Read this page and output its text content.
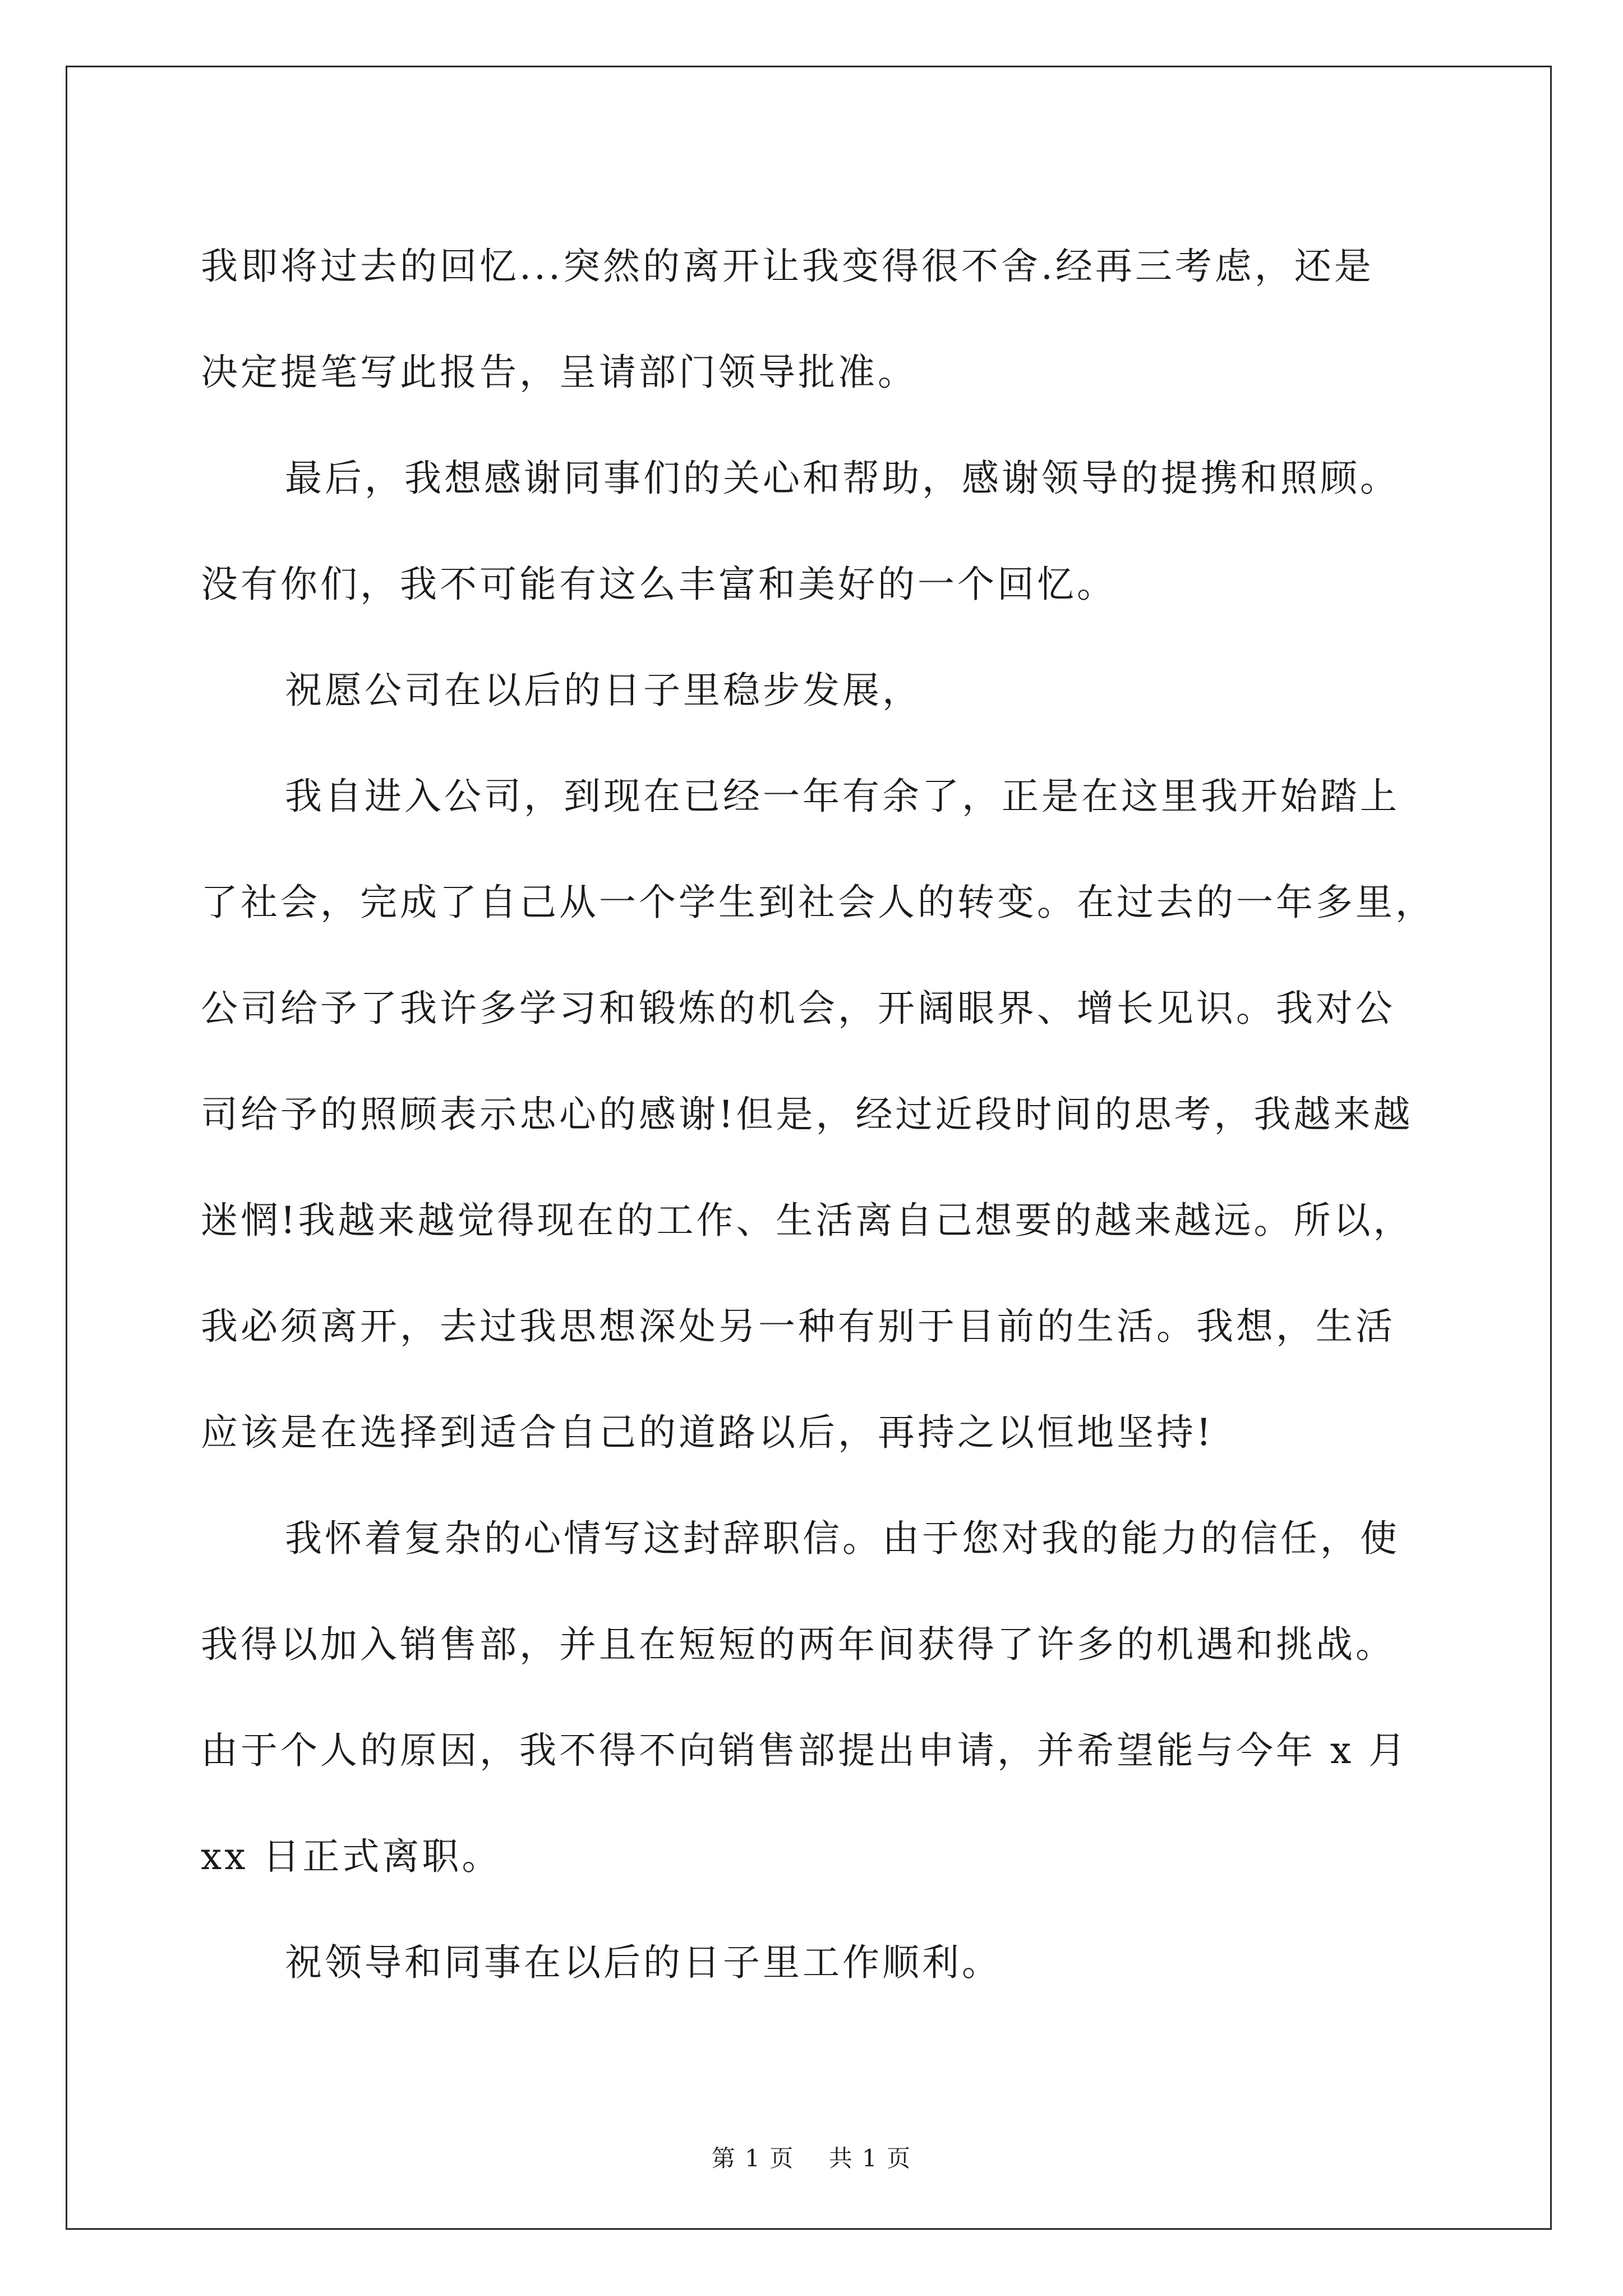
我即将过去的回忆...突然的离开让我变得很不舍.经再三考虑，还是
决定提笔写此报告，呈请部门领导批准。
最后，我想感谢同事们的关心和帮助，感谢领导的提携和照顾。
没有你们，我不可能有这么丰富和美好的一个回忆。
祝愿公司在以后的日子里稳步发展，
我自进入公司，到现在已经一年有余了，正是在这里我开始踏上
了社会，完成了自己从一个学生到社会人的转变。在过去的一年多里，
公司给予了我许多学习和锻炼的机会，开阔眼界、增长见识。我对公
司给予的照顾表示忠心的感谢!但是，经过近段时间的思考，我越来越
迷惘!我越来越觉得现在的工作、生活离自己想要的越来越远。所以，
我必须离开，去过我思想深处另一种有别于目前的生活。我想，生活
应该是在选择到适合自己的道路以后，再持之以恒地坚持!
我怀着复杂的心情写这封辞职信。由于您对我的能力的信任，使
我得以加入销售部，并且在短短的两年间获得了许多的机遇和挑战。
由于个人的原因，我不得不向销售部提出申请，并希望能与今年 x 月
xx 日正式离职。
祝领导和同事在以后的日子里工作顺利。
第 1 页    共 1 页
